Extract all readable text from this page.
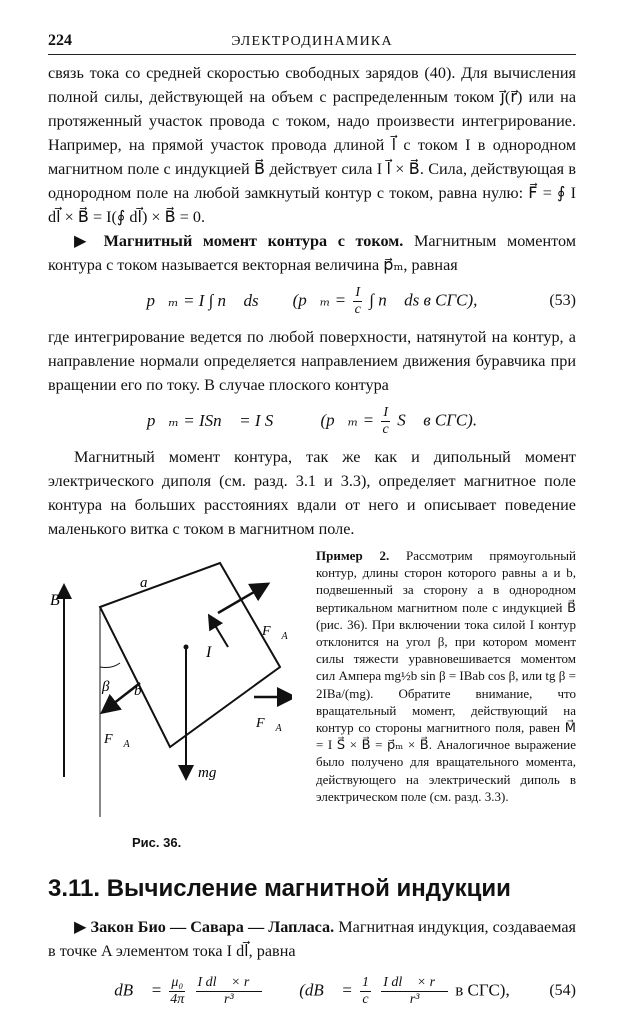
224	ЭЛЕКТРОДИНАМИКА

связь тока со средней скоростью свободных зарядов (40). Для вычисления полной силы, действующей на объем с распределенным током j⃗(r⃗) или на протяженный участок провода с током, надо произвести интегрирование. Например, на прямой участок провода длиной l⃗ с током I в однородном магнитном поле с индукцией B⃗ действует сила I l⃗ × B⃗. Сила, действующая в однородном поле на любой замкнутый контур с током, равна нулю: F⃗ = ∮ I dl⃗ × B⃗ = I(∮ dl⃗) × B⃗ = 0.

▶ Магнитный момент контура с током. Магнитным моментом контура с током называется векторная величина p⃗ₘ, равная

p⃗ₘ = I ∫ n⃗ ds (p⃗ₘ = $\frac{I}{c}$ ∫ n⃗ ds в СГС),	(53)

где интегрирование ведется по любой поверхности, натянутой на контур, а направление нормали определяется направлением движения буравчика при вращении его по току. В случае плоского контура

p⃗ₘ = ISn⃗ = I S⃗ (p⃗ₘ = $\frac{I}{c}$ S⃗ в СГС).

Магнитный момент контура, так же как и дипольный момент электрического диполя (см. разд. 3.1 и 3.3), определяет магнитное поле контура на больших расстояниях вдали от него и описывает поведение маленького витка с током в магнитном поле.

B
a
b
β
I
$F⃗_A$
$F⃗_A$
$F⃗_A$
mg⃗
Рис. 36.
Пример 2. Рассмотрим прямоугольный контур, длины сторон которого равны a и b, подвешенный за сторону a в однородном вертикальном магнитном поле с индукцией B⃗ (рис. 36). При включении тока силой I контур отклонится на угол β, при котором момент силы тяжести уравновешивается моментом сил Ампера mg½b sin β = IBab cos β, или tg β = 2IBa/(mg). Обратите внимание, что вращательный момент, действующий на контур со стороны магнитного поля, равен M⃗ = I S⃗ × B⃗ = p⃗ₘ × B⃗. Аналогичное выражение было получено для вращательного момента, действующего на электрический диполь в электрическом поле (см. разд. 3.3).
3.11. Вычисление магнитной индукции

▶ Закон Био — Савара — Лапласа. Магнитная индукция, создаваемая в точке A элементом тока I dl⃗, равна

dB⃗ = $\frac{\text{μ₀}}{4\pi}$
$\frac{\text{I dl⃗ × r⃗}}{\text{r³}}$ (dB⃗ = $\frac{1}{c}$
$\frac{\text{I dl⃗ × r⃗}}{\text{r³}}$ в СГС), (54)
